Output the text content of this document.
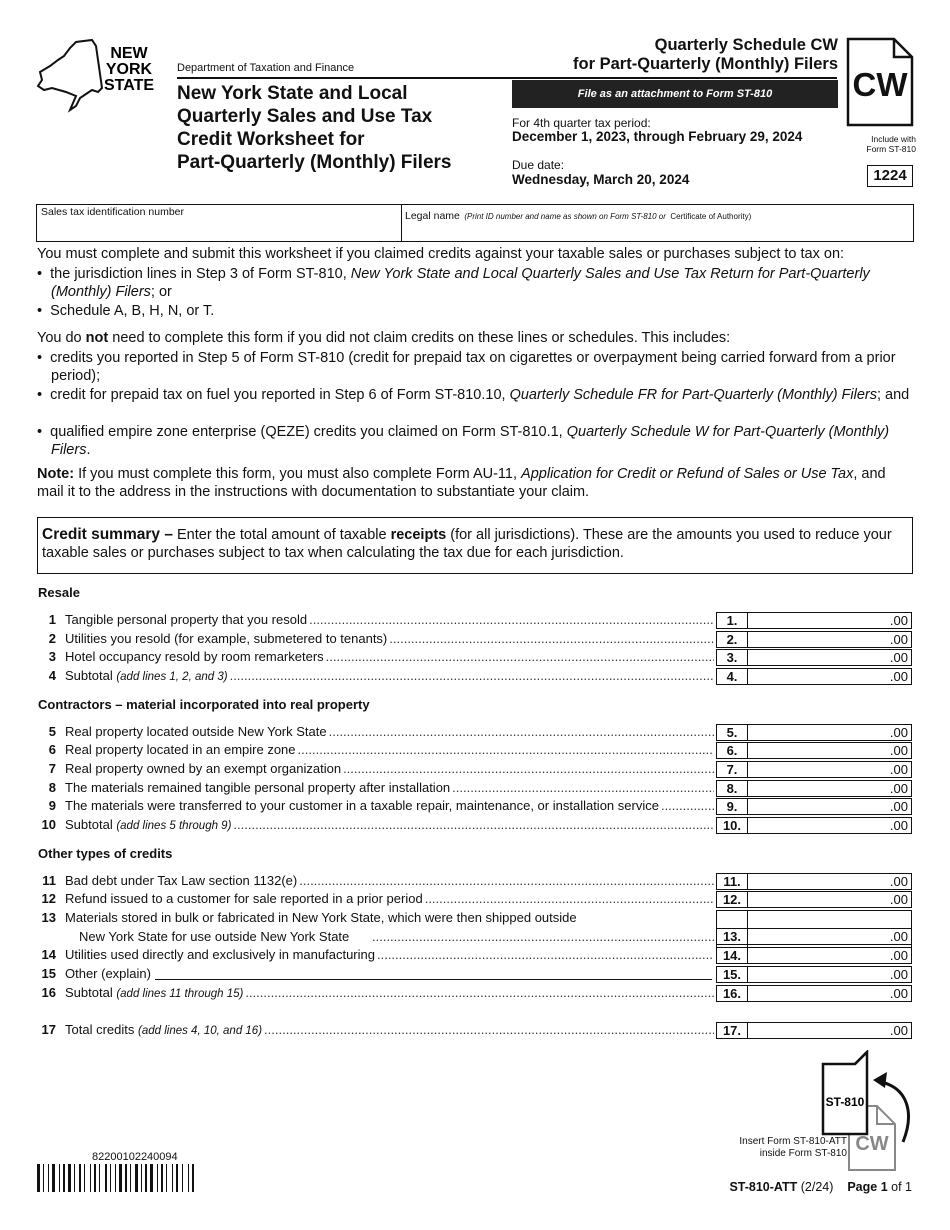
NEW
YORK
STATE
Department of Taxation and Finance
New York State and Local
Quarterly Sales and Use Tax
Credit Worksheet for
Part-Quarterly (Monthly) Filers
Quarterly Schedule CW
for Part-Quarterly (Monthly) Filers
File as an attachment to Form ST-810
For 4th quarter tax period:
December 1, 2023, through February 29, 2024
Due date:
Wednesday, March 20, 2024
CW
Include with
Form ST-810
1224
Sales tax identification number	Legal name (Print ID number and name as shown on Form ST-810 or Certificate of Authority)
You must complete and submit this worksheet if you claimed credits against your taxable sales or purchases subject to tax on:
•  the jurisdiction lines in Step 3 of Form ST-810, New York State and Local Quarterly Sales and Use Tax Return for Part-Quarterly (Monthly) Filers; or
•  Schedule A, B, H, N, or T.
You do not need to complete this form if you did not claim credits on these lines or schedules. This includes:
•  credits you reported in Step 5 of Form ST-810 (credit for prepaid tax on cigarettes or overpayment being carried forward from a prior period);
•  credit for prepaid tax on fuel you reported in Step 6 of Form ST-810.10, Quarterly Schedule FR for Part-Quarterly (Monthly) Filers; and
•  qualified empire zone enterprise (QEZE) credits you claimed on Form ST-810.1, Quarterly Schedule W for Part-Quarterly (Monthly) Filers.
Note: If you must complete this form, you must also complete Form AU-11, Application for Credit or Refund of Sales or Use Tax, and mail it to the address in the instructions with documentation to substantiate your claim.
Credit summary – Enter the total amount of taxable receipts (for all jurisdictions). These are the amounts you used to reduce your taxable sales or purchases subject to tax when calculating the tax due for each jurisdiction.
Resale
Contractors – material incorporated into real property
Other types of credits
1 Tangible personal property that you resold .....	1.	.00
2 Utilities you resold (for example, submetered to tenants) .....	2.	.00
3 Hotel occupancy resold by room remarketers .....	3.	.00
4 Subtotal (add lines 1, 2, and 3) .....	4.	.00
5 Real property located outside New York State .....	5.	.00
6 Real property located in an empire zone .....	6.	.00
7 Real property owned by an exempt organization .....	7.	.00
8 The materials remained tangible personal property after installation .....	8.	.00
9 The materials were transferred to your customer in a taxable repair, maintenance, or installation service .....	9.	.00
10 Subtotal (add lines 5 through 9) .....	10.	.00
11 Bad debt under Tax Law section 1132(e) .....	11.	.00
12 Refund issued to a customer for sale reported in a prior period .....	12.	.00
13 Materials stored in bulk or fabricated in New York State, which were then shipped outside
New York State for use outside New York State .....	13.	.00
14 Utilities used directly and exclusively in manufacturing .....	14.	.00
15 Other (explain)	15.	.00
16 Subtotal (add lines 11 through 15) .....	16.	.00
17 Total credits (add lines 4, 10, and 16) .....	17.	.00
ST-810
CW
Insert Form ST-810-ATT
inside Form ST-810
82200102240094
ST-810-ATT (2/24) Page 1 of 1
